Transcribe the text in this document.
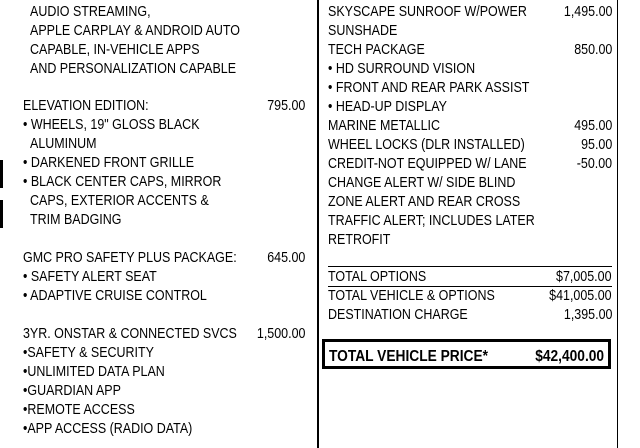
AUDIO STREAMING,
APPLE CARPLAY & ANDROID AUTO
CAPABLE, IN-VEHICLE APPS
AND PERSONALIZATION CAPABLE
ELEVATION EDITION:	795.00
• WHEELS, 19" GLOSS BLACK
ALUMINUM
• DARKENED FRONT GRILLE
• BLACK CENTER CAPS, MIRROR
CAPS, EXTERIOR ACCENTS &
TRIM BADGING
GMC PRO SAFETY PLUS PACKAGE: 645.00
• SAFETY ALERT SEAT
• ADAPTIVE CRUISE CONTROL
3YR. ONSTAR & CONNECTED SVCS 1,500.00
•SAFETY & SECURITY
•UNLIMITED DATA PLAN
•GUARDIAN APP
•REMOTE ACCESS
•APP ACCESS (RADIO DATA)
SKYSCAPE SUNROOF W/POWER	1,495.00
SUNSHADE
TECH PACKAGE	850.00
• HD SURROUND VISION
• FRONT AND REAR PARK ASSIST
• HEAD-UP DISPLAY
MARINE METALLIC	495.00
WHEEL LOCKS (DLR INSTALLED)	95.00
CREDIT-NOT EQUIPPED W/ LANE	-50.00
CHANGE ALERT W/ SIDE BLIND
ZONE ALERT AND REAR CROSS
TRAFFIC ALERT; INCLUDES LATER
RETROFIT
TOTAL OPTIONS	$7,005.00
TOTAL VEHICLE & OPTIONS	$41,005.00
DESTINATION CHARGE	1,395.00
TOTAL VEHICLE PRICE*	$42,400.00
